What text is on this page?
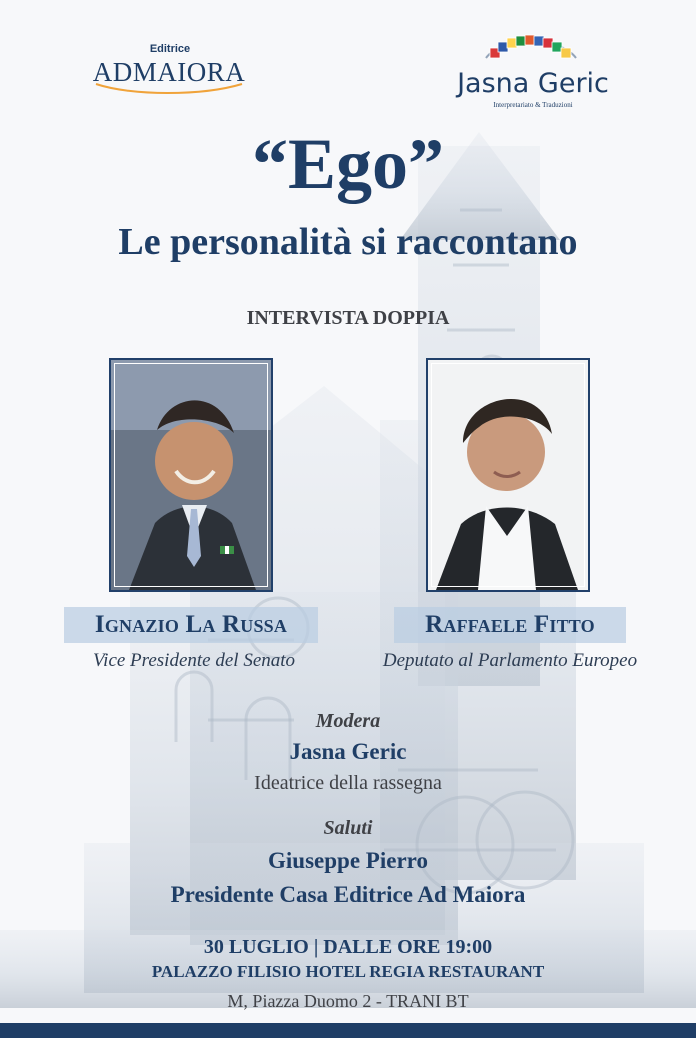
Editrice
ADMAIORA	Jasna Geric
Interpretariato & Traduzioni
“Ego”
Le personalità si raccontano
INTERVISTA DOPPIA
Ignazio La Russa	Raffaele Fitto
Vice Presidente del Senato	Deputato al Parlamento Europeo
Modera
Jasna Geric
Ideatrice della rassegna
Saluti
Giuseppe Pierro
Presidente Casa Editrice Ad Maiora
30 LUGLIO | DALLE ORE 19:00
PALAZZO FILISIO HOTEL REGIA RESTAURANT
M, Piazza Duomo 2 - TRANI BT
